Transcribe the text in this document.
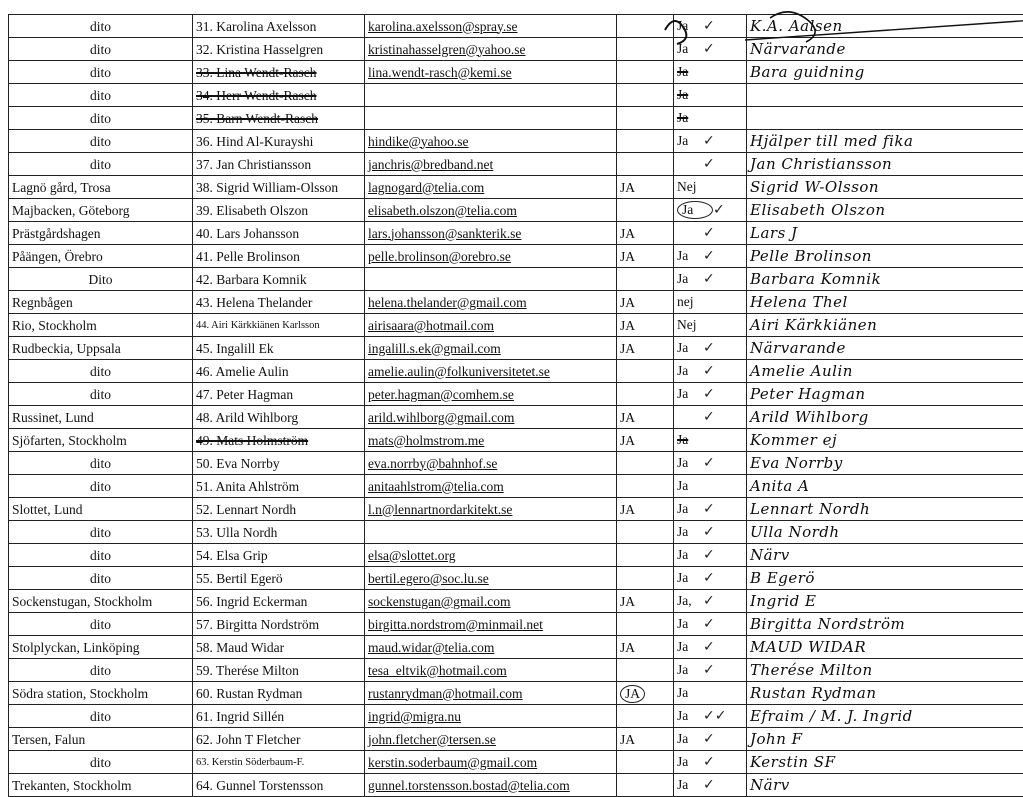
dito	31. Karolina Axelsson	karolina.axelsson@spray.se		Ja ✓	K.A. Aalsen
dito	32. Kristina Hasselgren	kristinahasselgren@yahoo.se		Ja ✓	Närvarande
dito	33. Lina Wendt-Rasch	lina.wendt-rasch@kemi.se		Ja	Bara guidning
dito	34. Herr Wendt-Rasch			Ja	
dito	35. Barn Wendt-Rasch			Ja	
dito	36. Hind Al-Kurayshi	hindike@yahoo.se		Ja ✓	Hjälper till med fika
dito	37. Jan Christiansson	janchris@bredband.net		✓	Jan Christiansson
Lagnö gård, Trosa	38. Sigrid William-Olsson	lagnogard@telia.com	JA	Nej	Sigrid W-Olsson
Majbacken, Göteborg	39. Elisabeth Olszon	elisabeth.olszon@telia.com		Ja ✓	Elisabeth Olszon
Prästgårdshagen	40. Lars Johansson	lars.johansson@sankterik.se	JA	✓	Lars J
Påängen, Örebro	41. Pelle Brolinson	pelle.brolinson@orebro.se	JA	Ja ✓	Pelle Brolinson
Dito	42. Barbara Komnik			Ja ✓	Barbara Komnik
Regnbågen	43. Helena Thelander	helena.thelander@gmail.com	JA	nej	Helena Thel
Rio, Stockholm	44. Airi Kärkkiänen Karlsson	airisaara@hotmail.com	JA	Nej	Airi Kärkkiänen
Rudbeckia, Uppsala	45. Ingalill Ek	ingalill.s.ek@gmail.com	JA	Ja ✓	Närvarande
dito	46. Amelie Aulin	amelie.aulin@folkuniversitetet.se		Ja ✓	Amelie Aulin
dito	47. Peter Hagman	peter.hagman@comhem.se		Ja ✓	Peter Hagman
Russinet, Lund	48. Arild Wihlborg	arild.wihlborg@gmail.com	JA	✓	Arild Wihlborg
Sjöfarten, Stockholm	49. Mats Holmström	mats@holmstrom.me	JA	Ja	Kommer ej
dito	50. Eva Norrby	eva.norrby@bahnhof.se		Ja ✓	Eva Norrby
dito	51. Anita Ahlström	anitaahlstrom@telia.com		Ja	Anita A
Slottet, Lund	52. Lennart Nordh	l.n@lennartnordarkitekt.se	JA	Ja ✓	Lennart Nordh
dito	53. Ulla Nordh			Ja ✓	Ulla Nordh
dito	54. Elsa Grip	elsa@slottet.org		Ja ✓	Närv
dito	55. Bertil Egerö	bertil.egero@soc.lu.se		Ja ✓	B Egerö
Sockenstugan, Stockholm	56. Ingrid Eckerman	sockenstugan@gmail.com	JA	Ja, ✓	Ingrid E
dito	57. Birgitta Nordström	birgitta.nordstrom@minmail.net		Ja ✓	Birgitta Nordström
Stolplyckan, Linköping	58. Maud Widar	maud.widar@telia.com	JA	Ja ✓	MAUD WIDAR
dito	59. Therése Milton	tesa_eltvik@hotmail.com		Ja ✓	Therése Milton
Södra station, Stockholm	60. Rustan Rydman	rustanrydman@hotmail.com	JA	Ja	Rustan Rydman
dito	61. Ingrid Sillén	ingrid@migra.nu		Ja ✓✓	Efraim / M. J. Ingrid
Tersen, Falun	62. John T Fletcher	john.fletcher@tersen.se	JA	Ja ✓	John F
dito	63. Kerstin Söderbaum-F.	kerstin.soderbaum@gmail.com		Ja ✓	Kerstin SF
Trekanten, Stockholm	64. Gunnel Torstensson	gunnel.torstensson.bostad@telia.com		Ja ✓	Närv
